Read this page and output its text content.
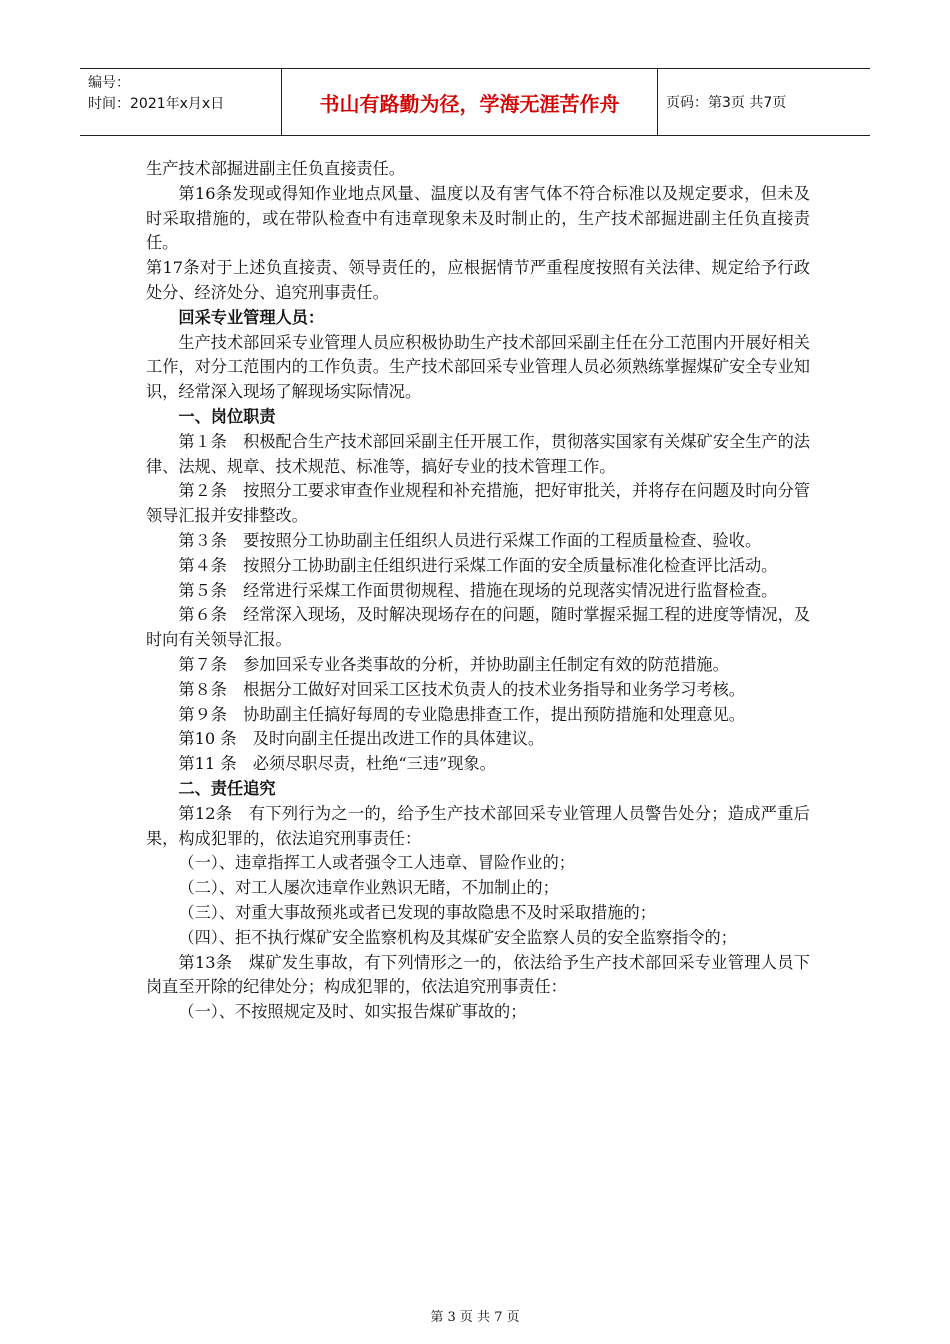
编号：
时间：2021年x月x日	书山有路勤为径，学海无涯苦作舟	页码：第3页 共7页

生产技术部掘进副主任负直接责任。

第16条发现或得知作业地点风量、温度以及有害气体不符合标准以及规定要求，但未及时采取措施的，或在带队检查中有违章现象未及时制止的，生产技术部掘进副主任负直接责任。

第17条对于上述负直接责、领导责任的，应根据情节严重程度按照有关法律、规定给予行政处分、经济处分、追究刑事责任。

回采专业管理人员：

生产技术部回采专业管理人员应积极协助生产技术部回采副主任在分工范围内开展好相关工作，对分工范围内的工作负责。生产技术部回采专业管理人员必须熟练掌握煤矿安全专业知识，经常深入现场了解现场实际情况。

一、岗位职责

第１条　积极配合生产技术部回采副主任开展工作，贯彻落实国家有关煤矿安全生产的法律、法规、规章、技术规范、标准等，搞好专业的技术管理工作。

第２条　按照分工要求审查作业规程和补充措施，把好审批关，并将存在问题及时向分管领导汇报并安排整改。

第３条　要按照分工协助副主任组织人员进行采煤工作面的工程质量检查、验收。

第４条　按照分工协助副主任组织进行采煤工作面的安全质量标准化检查评比活动。

第５条　经常进行采煤工作面贯彻规程、措施在现场的兑现落实情况进行监督检查。

第６条　经常深入现场，及时解决现场存在的问题，随时掌握采掘工程的进度等情况，及时向有关领导汇报。

第７条　参加回采专业各类事故的分析，并协助副主任制定有效的防范措施。

第８条　根据分工做好对回采工区技术负责人的技术业务指导和业务学习考核。

第９条　协助副主任搞好每周的专业隐患排查工作，提出预防措施和处理意见。

第10 条　及时向副主任提出改进工作的具体建议。

第11 条　必须尽职尽责，杜绝“三违”现象。

二、责任追究

第12条　有下列行为之一的，给予生产技术部回采专业管理人员警告处分；造成严重后果，构成犯罪的，依法追究刑事责任：

（一）、违章指挥工人或者强令工人违章、冒险作业的；

（二）、对工人屡次违章作业熟识无睹，不加制止的；

（三）、对重大事故预兆或者已发现的事故隐患不及时采取措施的；

（四）、拒不执行煤矿安全监察机构及其煤矿安全监察人员的安全监察指令的；

第13条　煤矿发生事故，有下列情形之一的，依法给予生产技术部回采专业管理人员下岗直至开除的纪律处分；构成犯罪的，依法追究刑事责任：

（一）、不按照规定及时、如实报告煤矿事故的；

第 3 页 共 7 页
